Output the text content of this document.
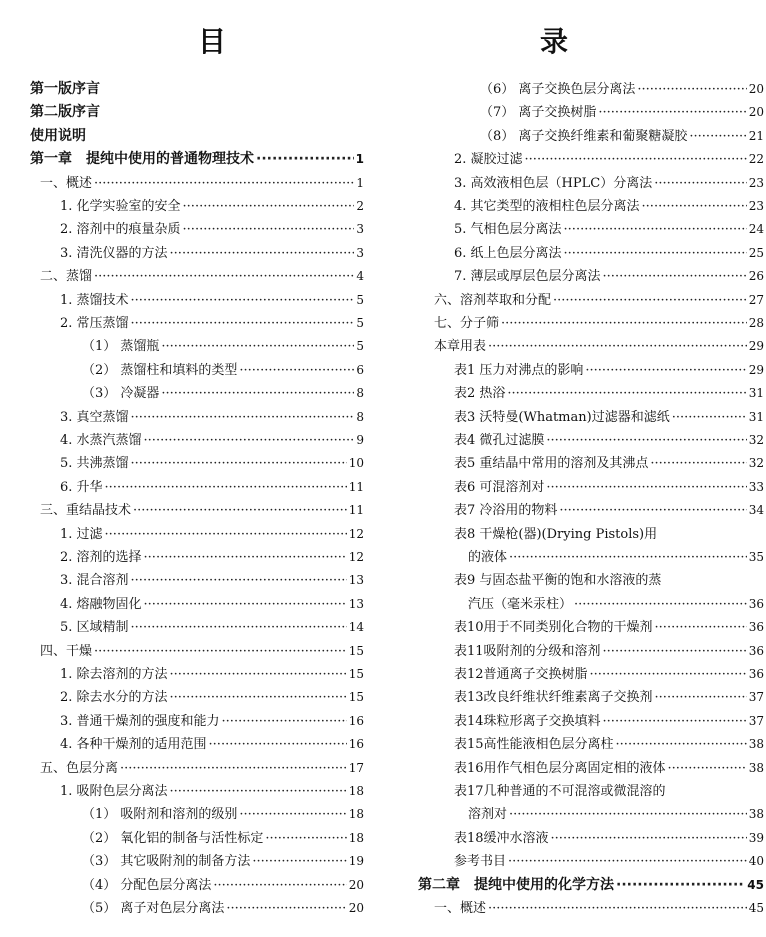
目　　录
第一版序言
第二版序言
使用说明
第一章　提纯中使用的普通物理技术 ·····	1
一、概述 ·····	1
1. 化学实验室的安全 ·····	2
2. 溶剂中的痕量杂质 ·····	3
3. 清洗仪器的方法 ·····	3
二、蒸馏 ·····	4
1. 蒸馏技术 ·····	5
2. 常压蒸馏 ·····	5
（1） 蒸馏瓶 ·····	5
（2） 蒸馏柱和填料的类型 ·····	6
（3） 冷凝器 ·····	8
3. 真空蒸馏 ·····	8
4. 水蒸汽蒸馏 ·····	9
5. 共沸蒸馏 ·····	10
6. 升华 ·····	11
三、重结晶技术 ·····	11
1. 过滤 ·····	12
2. 溶剂的选择 ·····	12
3. 混合溶剂 ·····	13
4. 熔融物固化 ·····	13
5. 区域精制 ·····	14
四、干燥 ·····	15
1. 除去溶剂的方法 ·····	15
2. 除去水分的方法 ·····	15
3. 普通干燥剂的强度和能力 ·····	16
4. 各种干燥剂的适用范围 ·····	16
五、色层分离 ·····	17
1. 吸附色层分离法 ·····	18
（1） 吸附剂和溶剂的级别 ·····	18
（2） 氧化铝的制备与活性标定 ·····	18
（3） 其它吸附剂的制备方法 ·····	19
（4） 分配色层分离法 ·····	20
（5） 离子对色层分离法 ·····	20
（6） 离子交换色层分离法 ·····	20
（7） 离子交换树脂 ·····	20
（8） 离子交换纤维素和葡聚糖凝胶 ·····	21
2. 凝胶过滤 ·····	22
3. 高效液相色层（HPLC）分离法 ·····	23
4. 其它类型的液相柱色层分离法 ·····	23
5. 气相色层分离法 ·····	24
6. 纸上色层分离法 ·····	25
7. 薄层或厚层色层分离法 ·····	26
六、溶剂萃取和分配 ·····	27
七、分子筛 ·····	28
本章用表 ·····	29
表1 压力对沸点的影响 ·····	29
表2 热浴 ·····	31
表3 沃特曼(Whatman)过滤器和滤纸 ·····	31
表4 微孔过滤膜 ·····	32
表5 重结晶中常用的溶剂及其沸点 ·····	32
表6 可混溶剂对 ·····	33
表7 冷浴用的物料 ·····	34
表8 干燥枪(器)(Drying Pistols)用
的液体 ·····	35
表9 与固态盐平衡的饱和水溶液的蒸
汽压（毫米汞柱） ·····	36
表10用于不同类别化合物的干燥剂 ·····	36
表11吸附剂的分级和溶剂 ·····	36
表12普通离子交换树脂 ·····	36
表13改良纤维状纤维素离子交换剂 ·····	37
表14珠粒形离子交换填料 ·····	37
表15高性能液相色层分离柱 ·····	38
表16用作气相色层分离固定相的液体 ·····	38
表17几种普通的不可混溶或微混溶的
溶剂对 ·····	38
表18缓冲水溶液 ·····	39
参考书目 ·····	40
第二章　提纯中使用的化学方法 ·····	45
一、概述 ·····	45
